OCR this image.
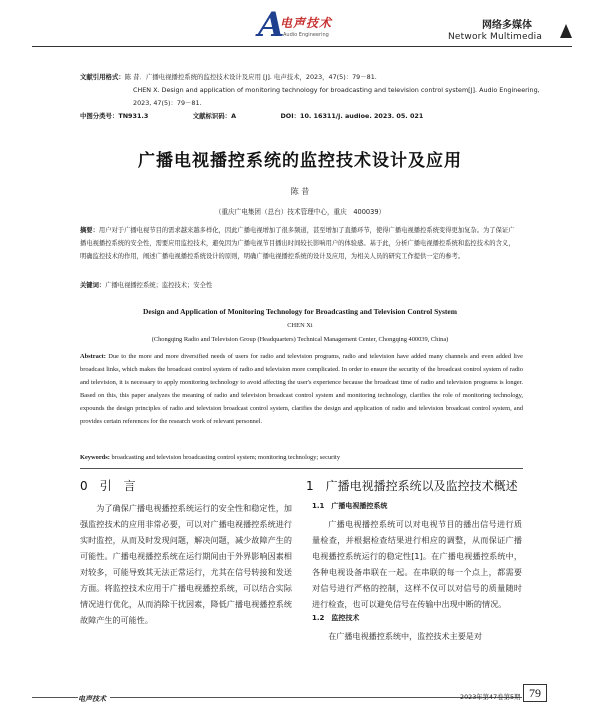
A
电声技术
Audio Engineering
网络多媒体
Network Multimedia
文献引用格式：陈 昔．广播电视播控系统的监控技术设计及应用 [J]. 电声技术，2023，47(5)：79－81.
CHEN X. Design and application of monitoring technology for broadcasting and television control system[J]. Audio Engineering,
2023, 47(5)：79－81.
中图分类号：TN931.3	文献标识码：A	DOI：10. 16311/j. audioe. 2023. 05. 021
广播电视播控系统的监控技术设计及应用
陈 昔
（重庆广电集团（总台）技术管理中心，重庆　400039）
摘要：用户对于广播电视节目的需求越来越多样化，因此广播电视增加了很多频道，甚至增加了直播环节，使得广播电视播控系统变得更加复杂。为了保证广播电视播控系统的安全性，需要应用监控技术，避免因为广播电视节目播出时间较长影响用户的体验感。基于此，分析广播电视播控系统和监控技术的含义，明确监控技术的作用，阐述广播电视播控系统设计的原则，明确广播电视播控系统的设计及应用，为相关人员的研究工作提供一定的参考。
关键词：广播电视播控系统；监控技术；安全性
Design and Application of Monitoring Technology for Broadcasting and Television Control System
CHEN Xi
(Chongqing Radio and Television Group (Headquarters) Technical Management Center, Chongqing 400039, China)
Abstract: Due to the more and more diversified needs of users for radio and television programs, radio and television have added many channels and even added live broadcast links, which makes the broadcast control system of radio and television more complicated. In order to ensure the security of the broadcast control system of radio and television, it is necessary to apply monitoring technology to avoid affecting the user's experience because the broadcast time of radio and television programs is longer. Based on this, this paper analyzes the meaning of radio and television broadcast control system and monitoring technology, clarifies the role of monitoring technology, expounds the design principles of radio and television broadcast control system, clarifies the design and application of radio and television broadcast control system, and provides certain references for the research work of relevant personnel.
Keywords: broadcasting and television broadcasting control system; monitoring technology; security
0　引　言
为了确保广播电视播控系统运行的安全性和稳定性，加强监控技术的应用非常必要，可以对广播电视播控系统进行实时监控，从而及时发现问题，解决问题，减少故障产生的可能性。广播电视播控系统在运行期间由于外界影响因素相对较多，可能导致其无法正常运行，尤其在信号转接和发送方面。将监控技术应用于广播电视播控系统，可以结合实际情况进行优化，从而消除干扰因素，降低广播电视播控系统故障产生的可能性。
1　广播电视播控系统以及监控技术概述
1.1　广播电视播控系统
广播电视播控系统可以对电视节目的播出信号进行质量检查，并根据检查结果进行相应的调整，从而保证广播电视播控系统运行的稳定性[1]。在广播电视播控系统中，各种电视设备串联在一起。在串联的每一个点上，都需要对信号进行严格的控制，这样不仅可以对信号的质量随时进行检查，也可以避免信号在传输中出现中断的情况。
1.2　监控技术
在广播电视播控系统中，监控技术主要是对
电声技术	2023年第47卷第5期 79
